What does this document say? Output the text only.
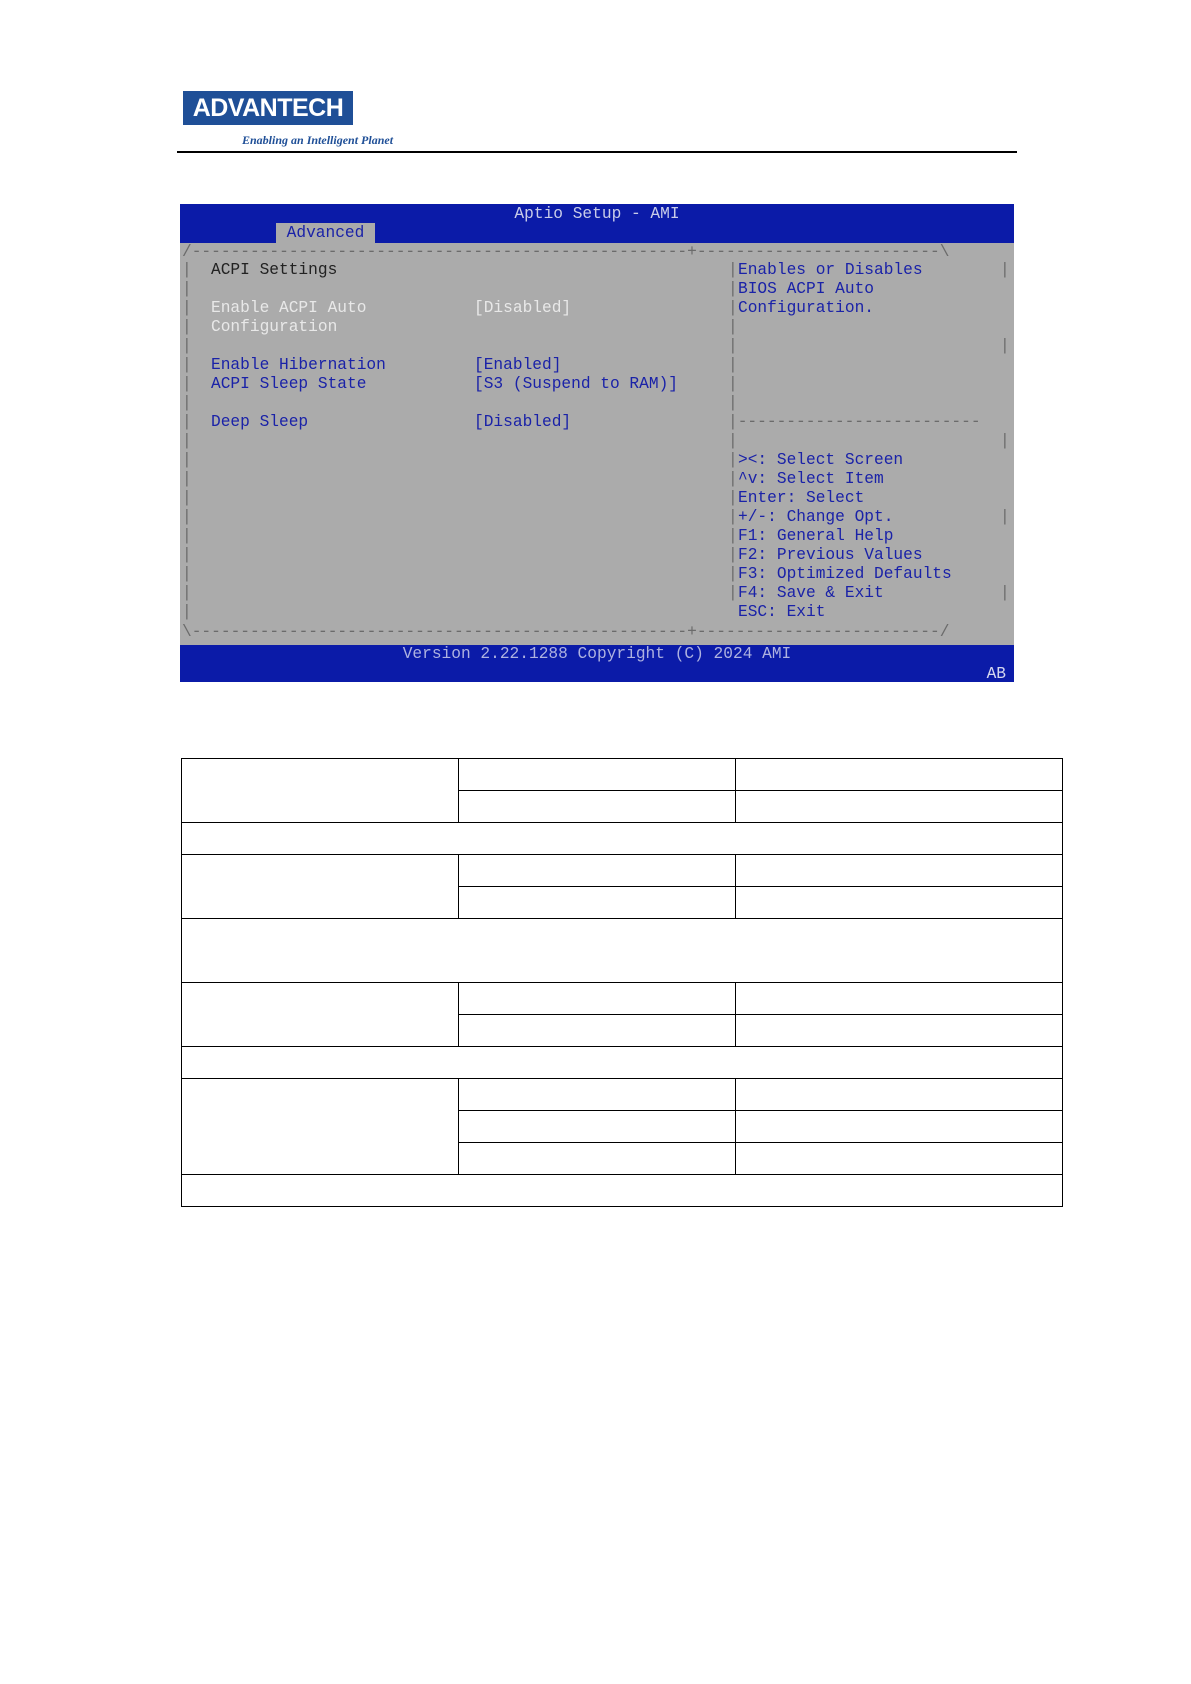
ADVANTECH
Enabling an Intelligent Planet
Aptio Setup - AMI
Advanced
/---------------------------------------------------+-------------------------\
|
|
|
|
|
|
|
|
|
|
|
|
|
|
|
|
|
|
|
|
|
|
|
|
|
|
|
|-------------------------
|
|
|
|
|
|
|
|
|
|
|
|
|
|
\---------------------------------------------------+-------------------------/
ACPI Settings
Enable ACPI Auto
Configuration
[Disabled]
Enable Hibernation	[Enabled]
ACPI Sleep State	[S3 (Suspend to RAM)]
Deep Sleep	[Disabled]
Enables or Disables
BIOS ACPI Auto
Configuration.
><: Select Screen
^v: Select Item
Enter: Select
+/-: Change Opt.
F1: General Help
F2: Previous Values
F3: Optimized Defaults
F4: Save & Exit
ESC: Exit
Version 2.22.1288 Copyright (C) 2024 AMI
AB
